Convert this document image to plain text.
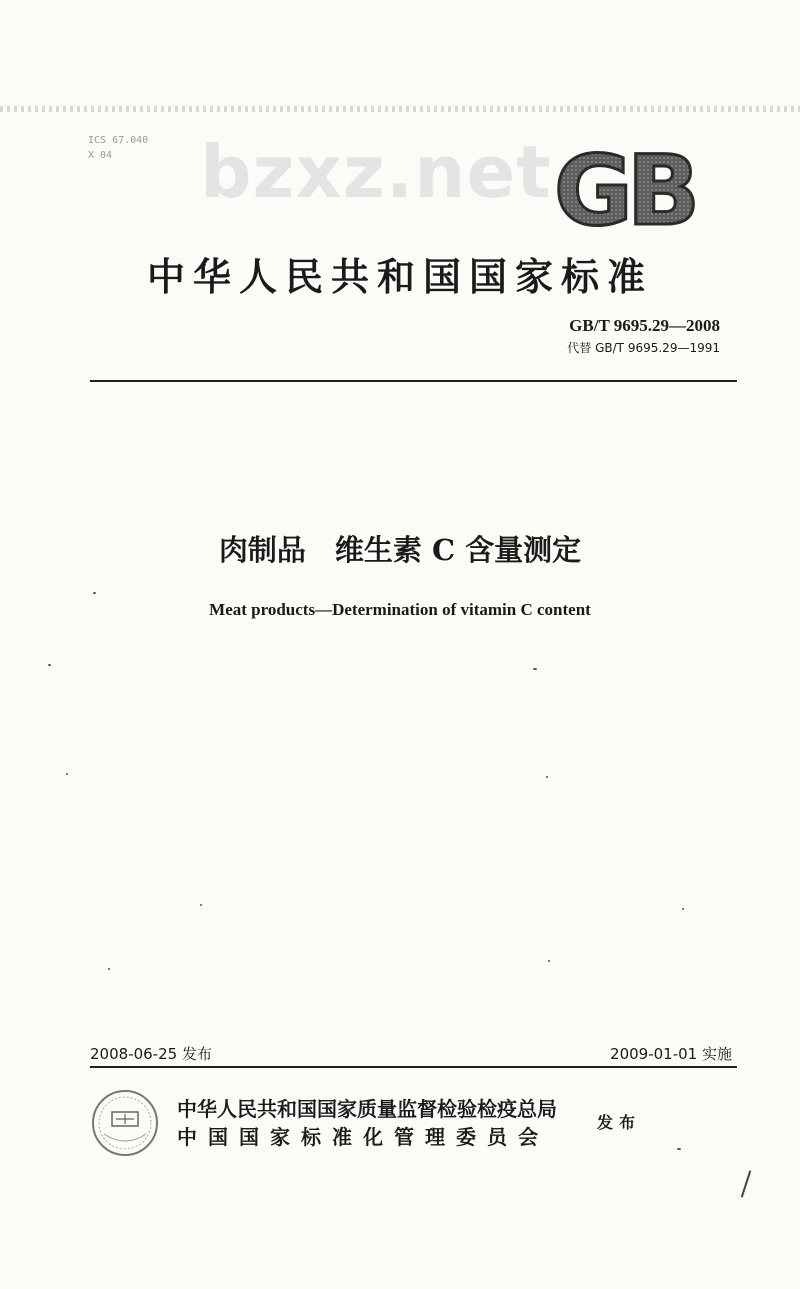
ICS 67.040
X 04	bzxz.net GB
中华人民共和国国家标准
GB/T 9695.29—2008
代替 GB/T 9695.29—1991
肉制品　维生素 C 含量测定
Meat products—Determination of vitamin C content
2008-06-25 发布	2009-01-01 实施
中华人民共和国国家质量监督检验检疫总局
中国国家标准化管理委员会
发布
